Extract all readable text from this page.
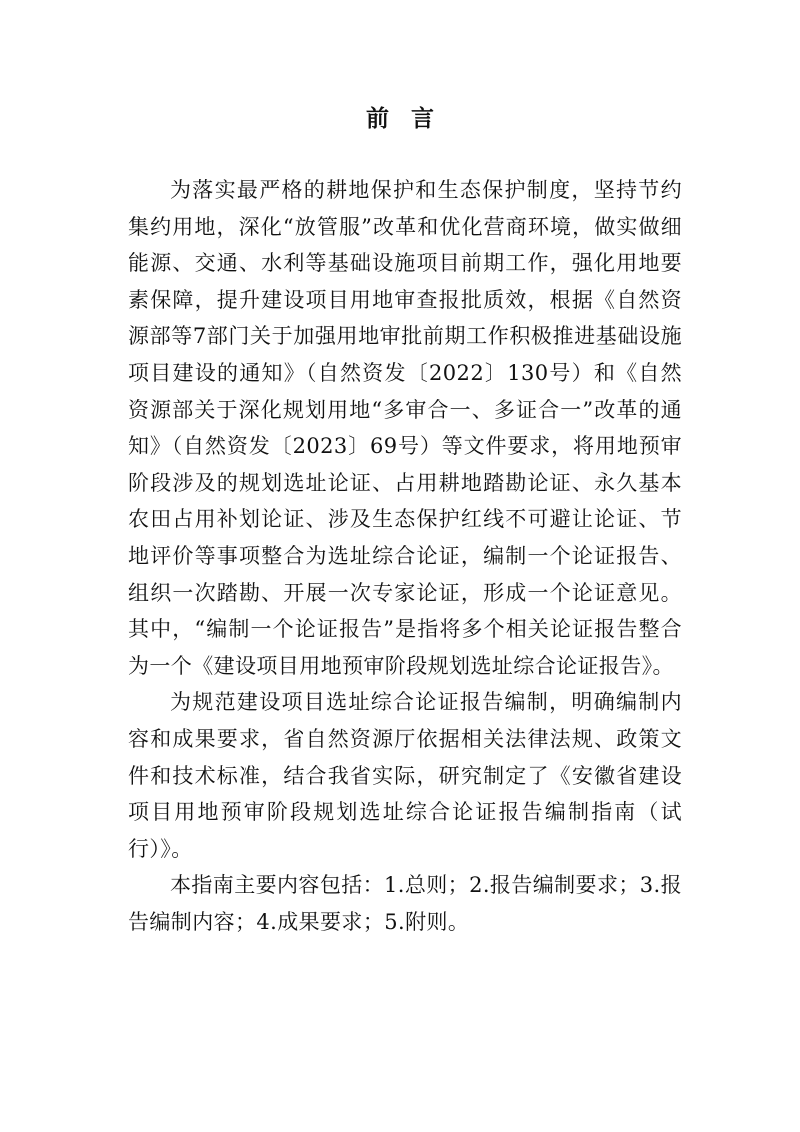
前言

为落实最严格的耕地保护和生态保护制度，坚持节约集约用地，深化“放管服”改革和优化营商环境，做实做细能源、交通、水利等基础设施项目前期工作，强化用地要素保障，提升建设项目用地审查报批质效，根据《自然资源部等7部门关于加强用地审批前期工作积极推进基础设施项目建设的通知》（自然资发〔2022〕130号）和《自然资源部关于深化规划用地“多审合一、多证合一”改革的通知》（自然资发〔2023〕69号）等文件要求，将用地预审阶段涉及的规划选址论证、占用耕地踏勘论证、永久基本农田占用补划论证、涉及生态保护红线不可避让论证、节地评价等事项整合为选址综合论证，编制一个论证报告、组织一次踏勘、开展一次专家论证，形成一个论证意见。其中，“编制一个论证报告”是指将多个相关论证报告整合为一个《建设项目用地预审阶段规划选址综合论证报告》。

为规范建设项目选址综合论证报告编制，明确编制内容和成果要求，省自然资源厅依据相关法律法规、政策文件和技术标准，结合我省实际，研究制定了《安徽省建设项目用地预审阶段规划选址综合论证报告编制指南（试行）》。

本指南主要内容包括：1.总则；2.报告编制要求；3.报告编制内容；4.成果要求；5.附则。
